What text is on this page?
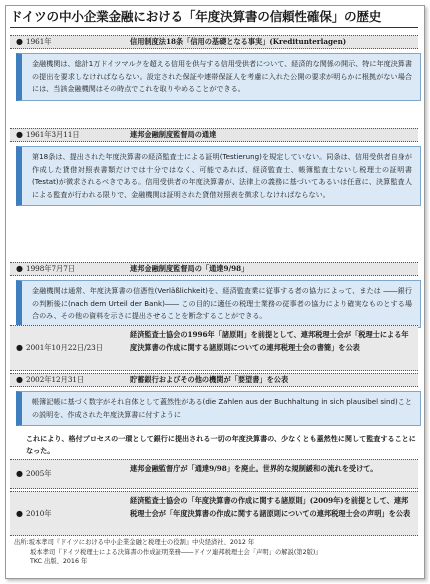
ドイツの中小企業金融における「年度決算書の信頼性確保」の歴史
● 1961年	信用制度法18条「信用の基礎となる事実」(Kreditunterlagen)
金融機関は、総計1万ドイツマルクを超える信用を供与する信用受供者について、経済的な関係の開示、特に年度決算書の提出を要求しなければならない。設定された保証や連帯保証人を考慮に入れた公開の要求が明らかに根拠がない場合には、当該金融機関はその時点でこれを取りやめることができる。
● 1961年3月11日	連邦金融制度監督局の通達
第18条は、提出された年度決算書の経済監査士による証明(Testierung)を規定していない。同条は、信用受供者自身が作成した貸借対照表書類だけでは十分ではなく、可能であれば、経済監査士、帳簿監査士ないし税理士の証明書(Testat)が徴求されるべきである。信用受供者の年度決算書が、法律上の義務に基づいてあるいは任意に、決算監査人による監査が行われる限りで、金融機関は証明された貸借対照表を徴求しなければならない。
● 1998年7月7日	連邦金融制度監督局の「通達9/98」
金融機関は通常、年度決算書の信憑性(Verläßlichkeit)を、経済監査業に従事する者の協力によって、または ――銀行の判断後に(nach dem Urteil der Bank)―― この目的に適任の税理士業務の従事者の協力により確実なものとする場合のみ、その他の資料を示さに提出させることを断念することができる。
● 2001年10月22日/23日
経済監査士協会の1996年「諸原則」を前提として、連邦税理士会が「税理士による年度決算書の作成に関する諸原則についての連邦税理士会の書簡」を公表
● 2002年12月31日	貯蓄銀行およびその他の機関が「要望書」を公表
帳簿記帳に基づく数字がそれ自体として蓋然性がある(die Zahlen aus der Buchhaltung in sich plausibel sind)ことの説明を、作成された年度決算書に付すように
これにより、格付プロセスの一環として銀行に提出される一切の年度決算書の、少なくとも蓋然性に関して監査することになった。
● 2005年
連邦金融監督庁が「通達9/98」を廃止。世界的な規制緩和の流れを受けて。
● 2010年
経済監査士協会の「年度決算書の作成に関する諸原則」(2009年)を前提として、連邦税理士会が「年度決算書の作成に関する諸原則についての連邦税理士会の声明」を公表
出所:坂本孝司『ドイツにおける中小企業金融と税理士の役割』中央経済社、2012 年
坂本孝司『ドイツ税理士による決算書の作成証明業務――ドイツ連邦税理士会「声明」の解説(第2版)』
TKC 出版、2016 年
